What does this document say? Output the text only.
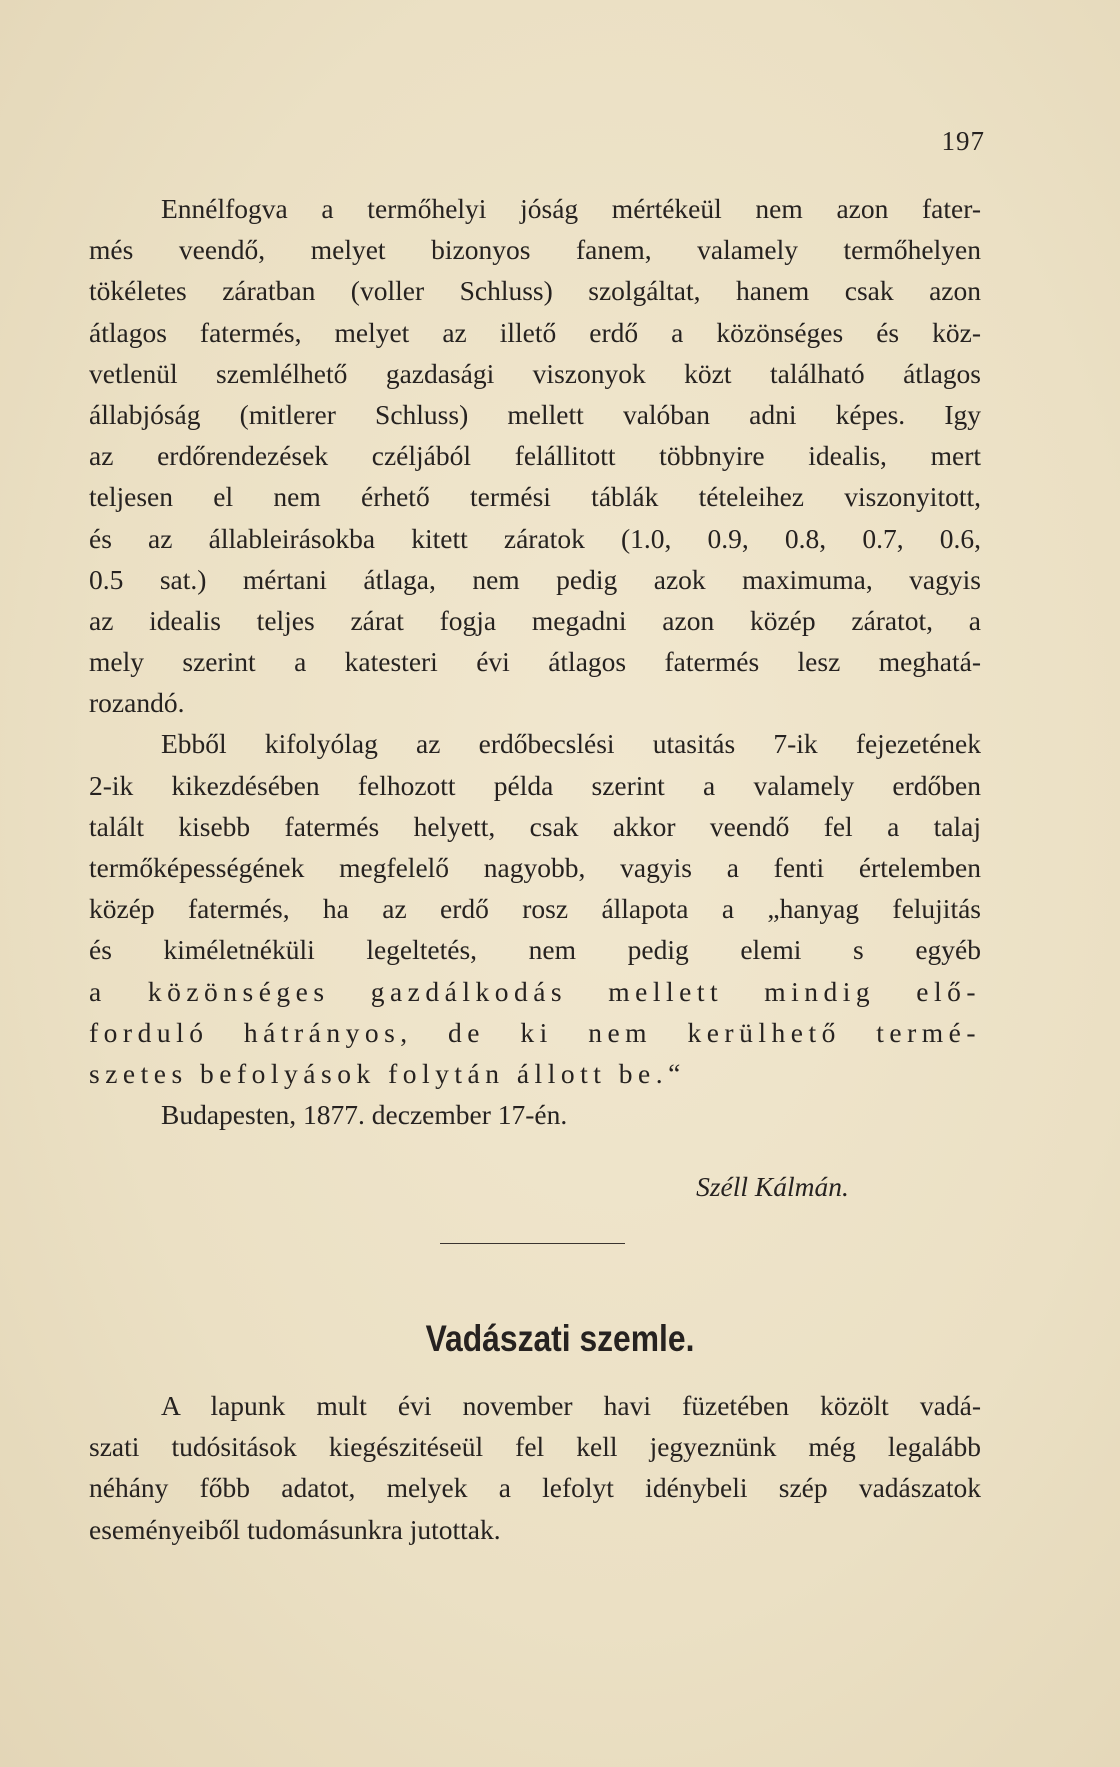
197
Ennélfogva a termőhelyi jóság mértékeül nem azon fater-
més veendő, melyet bizonyos fanem, valamely termőhelyen
tökéletes záratban (voller Schluss) szolgáltat, hanem csak azon
átlagos fatermés, melyet az illető erdő a közönséges és köz-
vetlenül szemlélhető gazdasági viszonyok közt található átlagos
állabjóság (mitlerer Schluss) mellett valóban adni képes. Igy
az erdőrendezések czéljából felállitott többnyire idealis, mert
teljesen el nem érhető termési táblák tételeihez viszonyitott,
és az állableirásokba kitett záratok (1.0, 0.9, 0.8, 0.7, 0.6,
0.5 sat.) mértani átlaga, nem pedig azok maximuma, vagyis
az idealis teljes zárat fogja megadni azon közép záratot, a
mely szerint a katesteri évi átlagos fatermés lesz meghatá-
rozandó.
Ebből kifolyólag az erdőbecslési utasitás 7-ik fejezetének
2-ik kikezdésében felhozott példa szerint a valamely erdőben
talált kisebb fatermés helyett, csak akkor veendő fel a talaj
termőképességének megfelelő nagyobb, vagyis a fenti értelemben
közép fatermés, ha az erdő rosz állapota a „hanyag felujitás
és kiméletnéküli legeltetés, nem pedig elemi s egyéb
a közönséges gazdálkodás mellett mindig elő-
forduló hátrányos, de ki nem kerülhető termé-
szetes befolyások folytán állott be.“
Budapesten, 1877. deczember 17-én.
Széll Kálmán.
Vadászati szemle.
A lapunk mult évi november havi füzetében közölt vadá-
szati tudósitások kiegészitéseül fel kell jegyeznünk még legalább
néhány főbb adatot, melyek a lefolyt idénybeli szép vadászatok
eseményeiből tudomásunkra jutottak.
